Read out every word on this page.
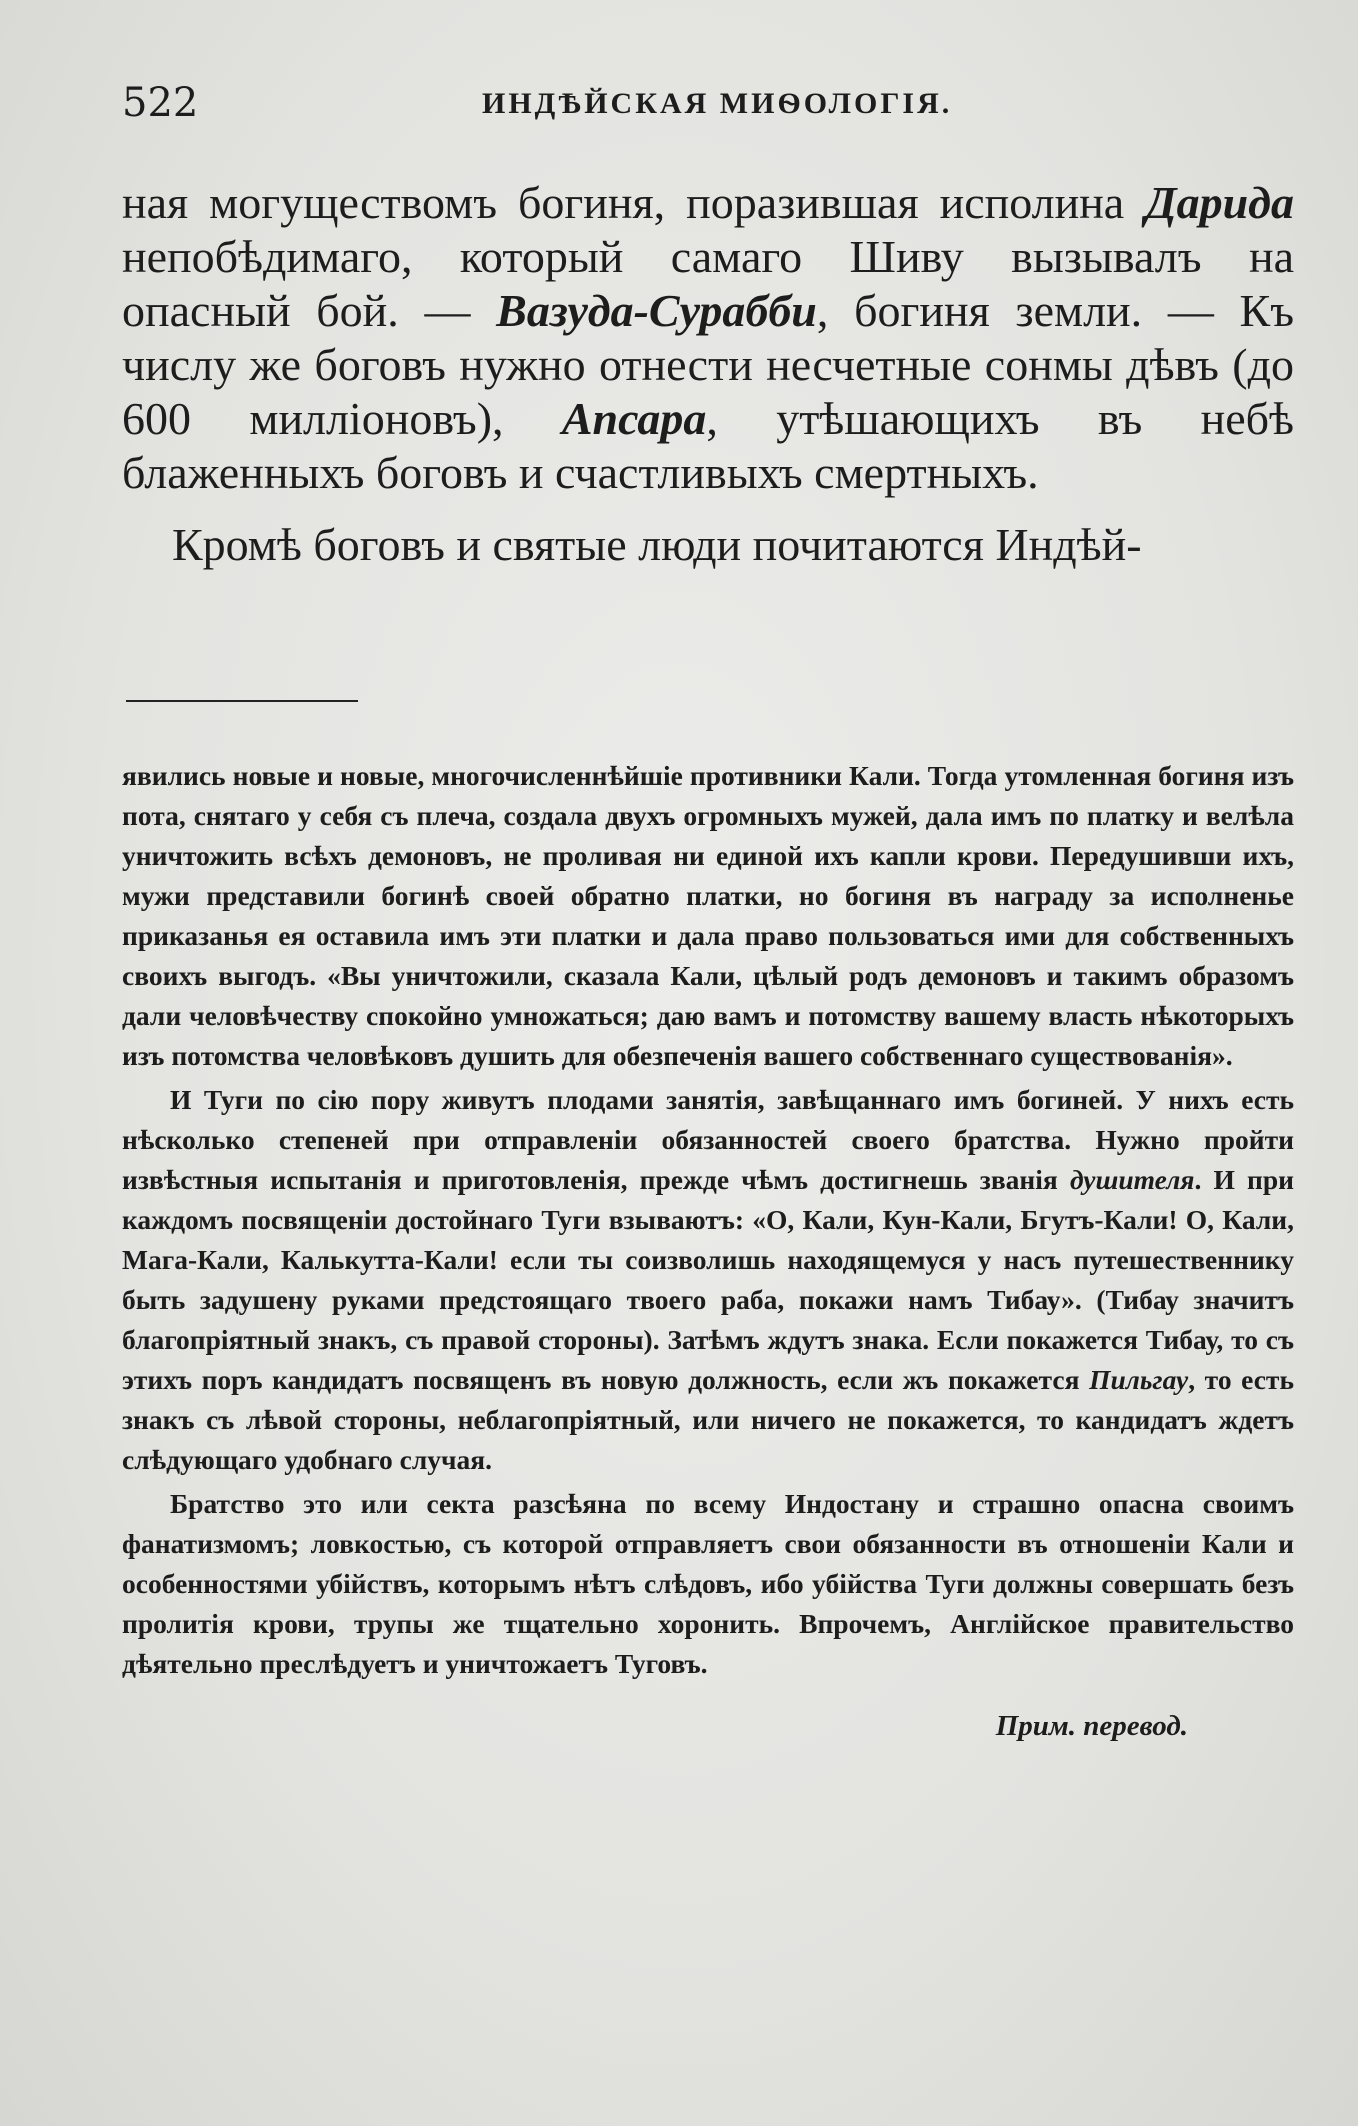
522	ИНДѢЙСКАЯ МИѲОЛОГІЯ.

ная могуществомъ богиня, поразившая исполина Дарида непобѣдимаго, который самаго Шиву вызывалъ на опасный бой. — Вазуда-Сурабби, богиня земли. — Къ числу же боговъ нужно отнести несчетные сонмы дѣвъ (до 600 милліоновъ), Апсара, утѣшающихъ въ небѣ блаженныхъ боговъ и счастливыхъ смертныхъ.

Кромѣ боговъ и святые люди почитаются Индѣй-

явились новые и новые, многочисленнѣйшіе противники Кали. Тогда утомленная богиня изъ пота, снятаго у себя съ плеча, создала двухъ огромныхъ мужей, дала имъ по платку и велѣла уничтожить всѣхъ демоновъ, не проливая ни единой ихъ капли крови. Передушивши ихъ, мужи представили богинѣ своей обратно платки, но богиня въ награду за исполненье приказанья ея оставила имъ эти платки и дала право пользоваться ими для собственныхъ своихъ выгодъ. «Вы уничтожили, сказала Кали, цѣлый родъ демоновъ и такимъ образомъ дали человѣчеству спокойно умножаться; даю вамъ и потомству вашему власть нѣкоторыхъ изъ потомства человѣковъ душить для обезпеченія вашего собственнаго существованія».

И Туги по сію пору живутъ плодами занятія, завѣщаннаго имъ богиней. У нихъ есть нѣсколько степеней при отправленіи обязанностей своего братства. Нужно пройти извѣстныя испытанія и приготовленія, прежде чѣмъ достигнешь званія душителя. И при каждомъ посвященіи достойнаго Туги взываютъ: «О, Кали, Кун-Кали, Бгутъ-Кали! О, Кали, Мага-Кали, Калькутта-Кали! если ты соизволишь находящемуся у насъ путешественнику быть задушену руками предстоящаго твоего раба, покажи намъ Тибау». (Тибау значитъ благопріятный знакъ, съ правой стороны). Затѣмъ ждутъ знака. Если покажется Тибау, то съ этихъ поръ кандидатъ посвященъ въ новую должность, если жъ покажется Пильгау, то есть знакъ съ лѣвой стороны, неблагопріятный, или ничего не покажется, то кандидатъ ждетъ слѣдующаго удобнаго случая.

Братство это или секта разсѣяна по всему Индостану и страшно опасна своимъ фанатизмомъ; ловкостью, съ которой отправляетъ свои обязанности въ отношеніи Кали и особенностями убійствъ, которымъ нѣтъ слѣдовъ, ибо убійства Туги должны совершать безъ пролитія крови, трупы же тщательно хоронить. Впрочемъ, Англійское правительство дѣятельно преслѣдуетъ и уничтожаетъ Туговъ.

Прим. перевод.
